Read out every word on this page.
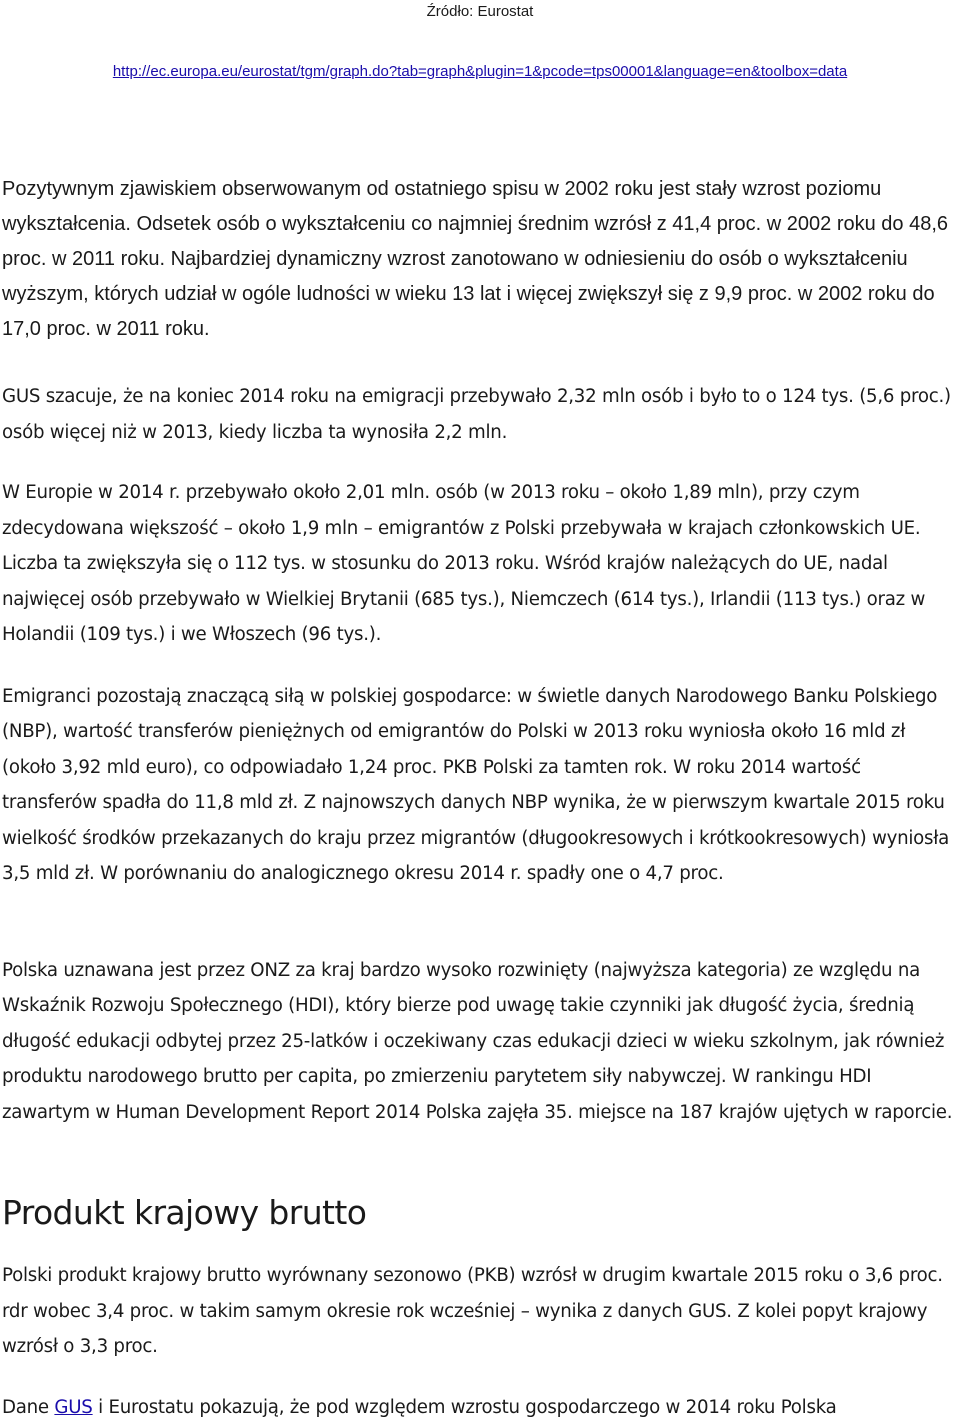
Źródło: Eurostat
http://ec.europa.eu/eurostat/tgm/graph.do?tab=graph&plugin=1&pcode=tps00001&language=en&toolbox=data

Pozytywnym zjawiskiem obserwowanym od ostatniego spisu w 2002 roku jest stały wzrost poziomu wykształcenia. Odsetek osób o wykształceniu co najmniej średnim wzrósł z 41,4 proc. w 2002 roku do 48,6 proc. w 2011 roku. Najbardziej dynamiczny wzrost zanotowano w odniesieniu do osób o wykształceniu wyższym, których udział w ogóle ludności w wieku 13 lat i więcej zwiększył się z 9,9 proc. w 2002 roku do 17,0 proc. w 2011 roku.

GUS szacuje, że na koniec 2014 roku na emigracji przebywało 2,32 mln osób i było to o 124 tys. (5,6 proc.) osób więcej niż w 2013, kiedy liczba ta wynosiła 2,2 mln.

W Europie w 2014 r. przebywało około 2,01 mln. osób (w 2013 roku – około 1,89 mln), przy czym zdecydowana większość – około 1,9 mln – emigrantów z Polski przebywała w krajach członkowskich UE. Liczba ta zwiększyła się o 112 tys. w stosunku do 2013 roku. Wśród krajów należących do UE, nadal najwięcej osób przebywało w Wielkiej Brytanii (685 tys.), Niemczech (614 tys.), Irlandii (113 tys.) oraz w Holandii (109 tys.) i we Włoszech (96 tys.).

Emigranci pozostają znaczącą siłą w polskiej gospodarce: w świetle danych Narodowego Banku Polskiego (NBP), wartość transferów pieniężnych od emigrantów do Polski w 2013 roku wyniosła około 16 mld zł (około 3,92 mld euro), co odpowiadało 1,24 proc. PKB Polski za tamten rok. W roku 2014 wartość transferów spadła do 11,8 mld zł. Z najnowszych danych NBP wynika, że w pierwszym kwartale 2015 roku wielkość środków przekazanych do kraju przez migrantów (długookresowych i krótkookresowych) wyniosła 3,5 mld zł. W porównaniu do analogicznego okresu 2014 r. spadły one o 4,7 proc.

Polska uznawana jest przez ONZ za kraj bardzo wysoko rozwinięty (najwyższa kategoria) ze względu na Wskaźnik Rozwoju Społecznego (HDI), który bierze pod uwagę takie czynniki jak długość życia, średnią długość edukacji odbytej przez 25-latków i oczekiwany czas edukacji dzieci w wieku szkolnym, jak również produktu narodowego brutto per capita, po zmierzeniu parytetem siły nabywczej. W rankingu HDI zawartym w Human Development Report 2014 Polska zajęła 35. miejsce na 187 krajów ujętych w raporcie.

Produkt krajowy brutto

Polski produkt krajowy brutto wyrównany sezonowo (PKB) wzrósł w drugim kwartale 2015 roku o 3,6 proc. rdr wobec 3,4 proc. w takim samym okresie rok wcześniej – wynika z danych GUS. Z kolei popyt krajowy wzrósł o 3,3 proc.

Dane GUS i Eurostatu pokazują, że pod względem wzrostu gospodarczego w 2014 roku Polska
